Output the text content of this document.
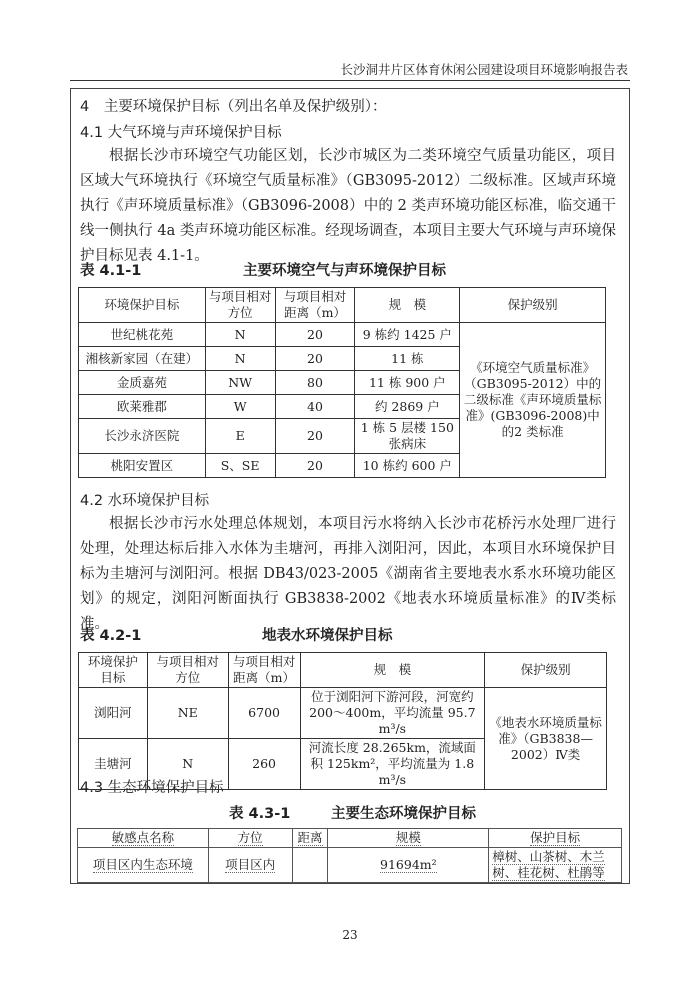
长沙洞井片区体育休闲公园建设项目环境影响报告表
4　主要环境保护目标（列出名单及保护级别）：
4.1 大气环境与声环境保护目标
根据长沙市环境空气功能区划，长沙市城区为二类环境空气质量功能区，项目区域大气环境执行《环境空气质量标准》（GB3095-2012）二级标准。区域声环境执行《声环境质量标准》（GB3096-2008）中的 2 类声环境功能区标准，临交通干线一侧执行 4a 类声环境功能区标准。经现场调查，本项目主要大气环境与声环境保护目标见表 4.1-1。
表 4.1-1	主要环境空气与声环境保护目标
环境保护目标	与项目相对方位	与项目相对距离（m）	规　模	保护级别
世纪桃花苑	N	20	9 栋约 1425 户	《环境空气质量标准》（GB3095-2012）中的二级标准《声环境质量标准》(GB3096-2008)中的2 类标准
湘核新家园（在建）	N	20	11 栋	
金质嘉苑	NW	80	11 栋 900 户	
欧莱雅郡	W	40	约 2869 户	
长沙永济医院	E	20	1 栋 5 层楼 150 张病床	
桃阳安置区	S、SE	20	10 栋约 600 户	
4.2 水环境保护目标
根据长沙市污水处理总体规划，本项目污水将纳入长沙市花桥污水处理厂进行处理，处理达标后排入水体为圭塘河，再排入浏阳河，因此，本项目水环境保护目标为圭塘河与浏阳河。根据 DB43/023-2005《湖南省主要地表水系水环境功能区划》的规定，浏阳河断面执行 GB3838-2002《地表水环境质量标准》的Ⅳ类标准。
表 4.2-1	地表水环境保护目标
环境保护目标	与项目相对方位	与项目相对距离（m）	规　模	保护级别
浏阳河	NE	6700	位于浏阳河下游河段，河宽约 200～400m，平均流量 95.7 m³/s	《地表水环境质量标准》（GB3838—2002）Ⅳ类
圭塘河	N	260	河流长度 28.265km，流域面积 125km²，平均流量为 1.8 m³/s	
4.3 生态环境保护目标
表 4.3-1	主要生态环境保护目标
敏感点名称	方位	距离	规模	保护目标
项目区内生态环境	项目区内		91694m²	樟树、山茶树、木兰树、桂花树、杜鹃等
23
